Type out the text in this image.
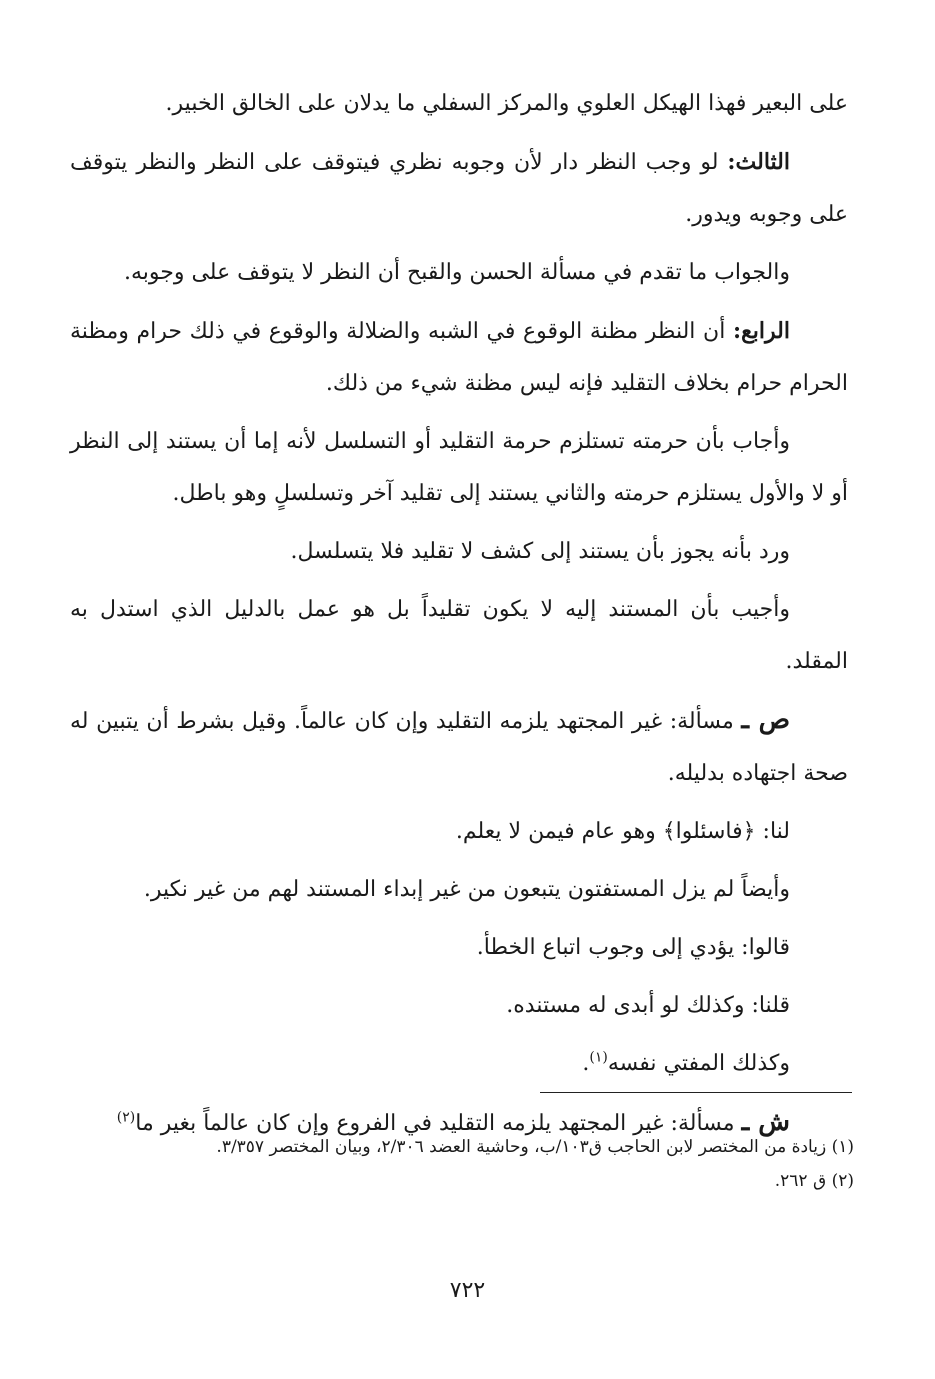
على البعير فهذا الهيكل العلوي والمركز السفلي ما يدلان على الخالق الخبير.

الثالث: لو وجب النظر دار لأن وجوبه نظري فيتوقف على النظر والنظر يتوقف على وجوبه ويدور.

والجواب ما تقدم في مسألة الحسن والقبح أن النظر لا يتوقف على وجوبه.

الرابع: أن النظر مظنة الوقوع في الشبه والضلالة والوقوع في ذلك حرام ومظنة الحرام حرام بخلاف التقليد فإنه ليس مظنة شيء من ذلك.

وأجاب بأن حرمته تستلزم حرمة التقليد أو التسلسل لأنه إما أن يستند إلى النظر أو لا والأول يستلزم حرمته والثاني يستند إلى تقليد آخر وتسلسلٍ وهو باطل.

ورد بأنه يجوز بأن يستند إلى كشف لا تقليد فلا يتسلسل.

وأجيب بأن المستند إليه لا يكون تقليداً بل هو عمل بالدليل الذي استدل به المقلد.

ص ـ مسألة: غير المجتهد يلزمه التقليد وإن كان عالماً. وقيل بشرط أن يتبين له صحة اجتهاده بدليله.

لنا: ﴿فاسئلوا﴾ وهو عام فيمن لا يعلم.

وأيضاً لم يزل المستفتون يتبعون من غير إبداء المستند لهم من غير نكير.

قالوا: يؤدي إلى وجوب اتباع الخطأ.

قلنا: وكذلك لو أبدى له مستنده.

وكذلك المفتي نفسه$^{(١)}$.

ش ـ مسألة: غير المجتهد يلزمه التقليد في الفروع وإن كان عالماً بغير ما$^{(٢)}$

(١) زيادة من المختصر لابن الحاجب ق١٠٣/ب، وحاشية العضد ٢/٣٠٦، وبيان المختصر ٣/٣٥٧.

(٢) ق ٢٦٢.

٧٢٢
